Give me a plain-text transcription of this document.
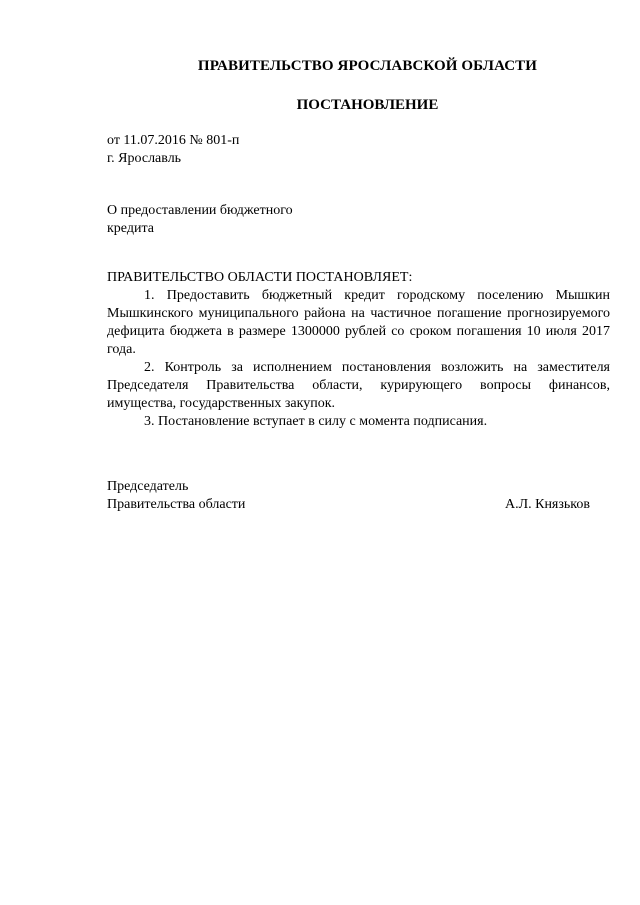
ПРАВИТЕЛЬСТВО ЯРОСЛАВСКОЙ ОБЛАСТИ
ПОСТАНОВЛЕНИЕ
от 11.07.2016 № 801-п
г. Ярославль
О предоставлении бюджетного
кредита
ПРАВИТЕЛЬСТВО ОБЛАСТИ ПОСТАНОВЛЯЕТ:

1. Предоставить бюджетный кредит городскому поселению Мышкин Мышкинского муниципального района на частичное погашение прогнозируемого дефицита бюджета в размере 1300000 рублей со сроком погашения 10 июля 2017 года.

2. Контроль за исполнением постановления возложить на заместителя Председателя Правительства области, курирующего вопросы финансов, имущества, государственных закупок.

3. Постановление вступает в силу с момента подписания.

Председатель
Правительства области	А.Л. Князьков
